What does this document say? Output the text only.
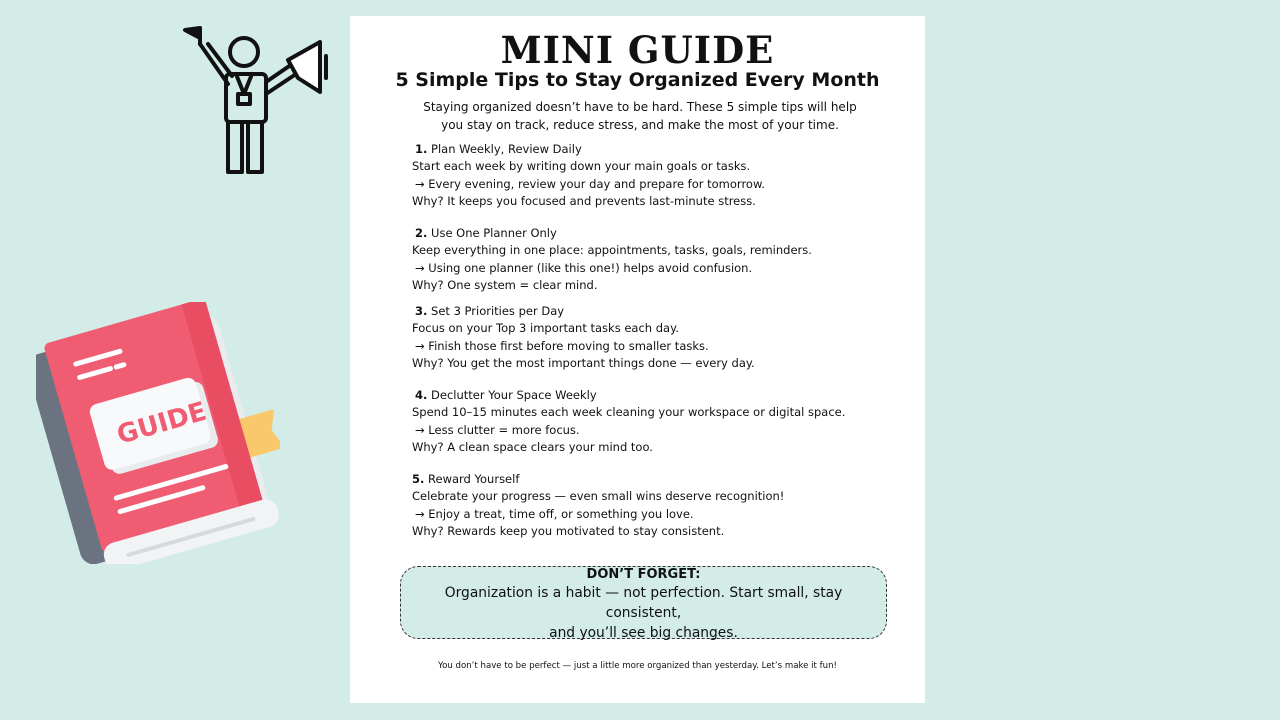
GUIDE
MINI GUIDE
5 Simple Tips to Stay Organized Every Month

Staying organized doesn’t have to be hard. These 5 simple tips will help
you stay on track, reduce stress, and make the most of your time.

1. Plan Weekly, Review Daily
Start each week by writing down your main goals or tasks.
→ Every evening, review your day and prepare for tomorrow.
Why? It keeps you focused and prevents last-minute stress.
2. Use One Planner Only
Keep everything in one place: appointments, tasks, goals, reminders.
→ Using one planner (like this one!) helps avoid confusion.
Why? One system = clear mind.
3. Set 3 Priorities per Day
Focus on your Top 3 important tasks each day.
→ Finish those first before moving to smaller tasks.
Why? You get the most important things done — every day.
4. Declutter Your Space Weekly
Spend 10–15 minutes each week cleaning your workspace or digital space.
→ Less clutter = more focus.
Why? A clean space clears your mind too.
5. Reward Yourself
Celebrate your progress — even small wins deserve recognition!
→ Enjoy a treat, time off, or something you love.
Why? Rewards keep you motivated to stay consistent.
DON’T FORGET:
Organization is a habit — not perfection. Start small, stay consistent,
and you’ll see big changes.
You don’t have to be perfect — just a little more organized than yesterday. Let’s make it fun!
